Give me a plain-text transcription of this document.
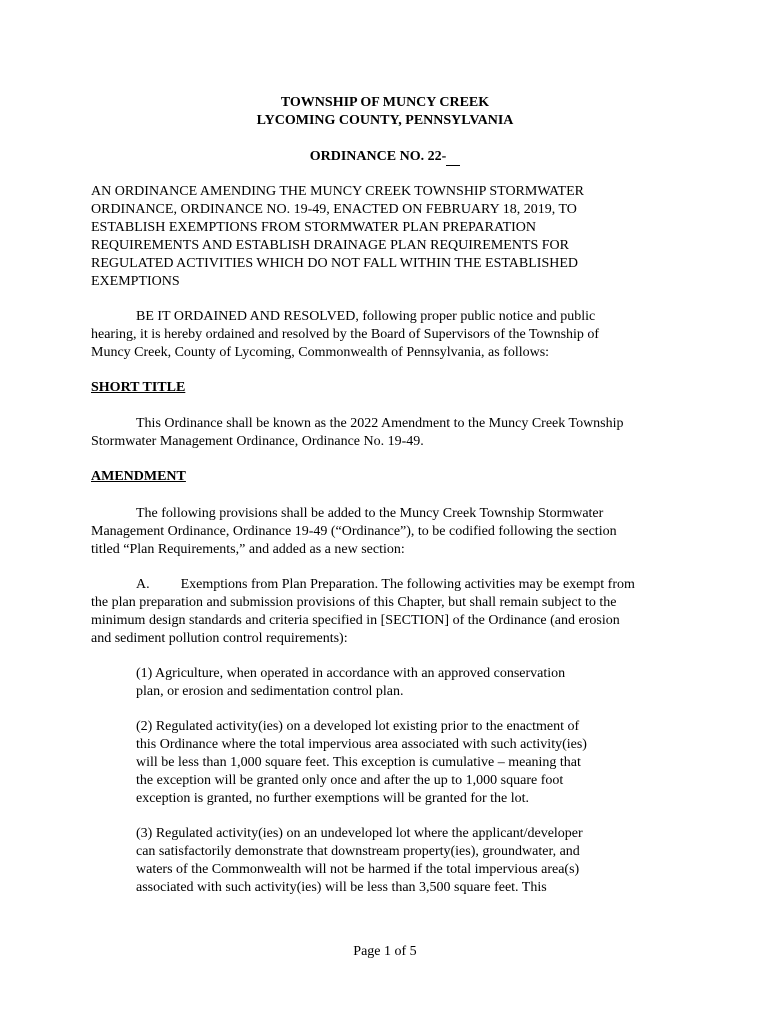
TOWNSHIP OF MUNCY CREEK
LYCOMING COUNTY, PENNSYLVANIA
ORDINANCE NO. 22-
AN ORDINANCE AMENDING THE MUNCY CREEK TOWNSHIP STORMWATER
ORDINANCE, ORDINANCE NO. 19-49, ENACTED ON FEBRUARY 18, 2019, TO
ESTABLISH EXEMPTIONS FROM STORMWATER PLAN PREPARATION
REQUIREMENTS AND ESTABLISH DRAINAGE PLAN REQUIREMENTS FOR
REGULATED ACTIVITIES WHICH DO NOT FALL WITHIN THE ESTABLISHED
EXEMPTIONS
BE IT ORDAINED AND RESOLVED, following proper public notice and public
hearing, it is hereby ordained and resolved by the Board of Supervisors of the Township of
Muncy Creek, County of Lycoming, Commonwealth of Pennsylvania, as follows:
SHORT TITLE
This Ordinance shall be known as the 2022 Amendment to the Muncy Creek Township
Stormwater Management Ordinance, Ordinance No. 19-49.
AMENDMENT
The following provisions shall be added to the Muncy Creek Township Stormwater
Management Ordinance, Ordinance 19-49 (“Ordinance”), to be codified following the section
titled “Plan Requirements,” and added as a new section:
A. Exemptions from Plan Preparation. The following activities may be exempt from
the plan preparation and submission provisions of this Chapter, but shall remain subject to the
minimum design standards and criteria specified in [SECTION] of the Ordinance (and erosion
and sediment pollution control requirements):
(1) Agriculture, when operated in accordance with an approved conservation
plan, or erosion and sedimentation control plan.
(2) Regulated activity(ies) on a developed lot existing prior to the enactment of
this Ordinance where the total impervious area associated with such activity(ies)
will be less than 1,000 square feet. This exception is cumulative – meaning that
the exception will be granted only once and after the up to 1,000 square foot
exception is granted, no further exemptions will be granted for the lot.
(3) Regulated activity(ies) on an undeveloped lot where the applicant/developer
can satisfactorily demonstrate that downstream property(ies), groundwater, and
waters of the Commonwealth will not be harmed if the total impervious area(s)
associated with such activity(ies) will be less than 3,500 square feet. This
Page 1 of 5
